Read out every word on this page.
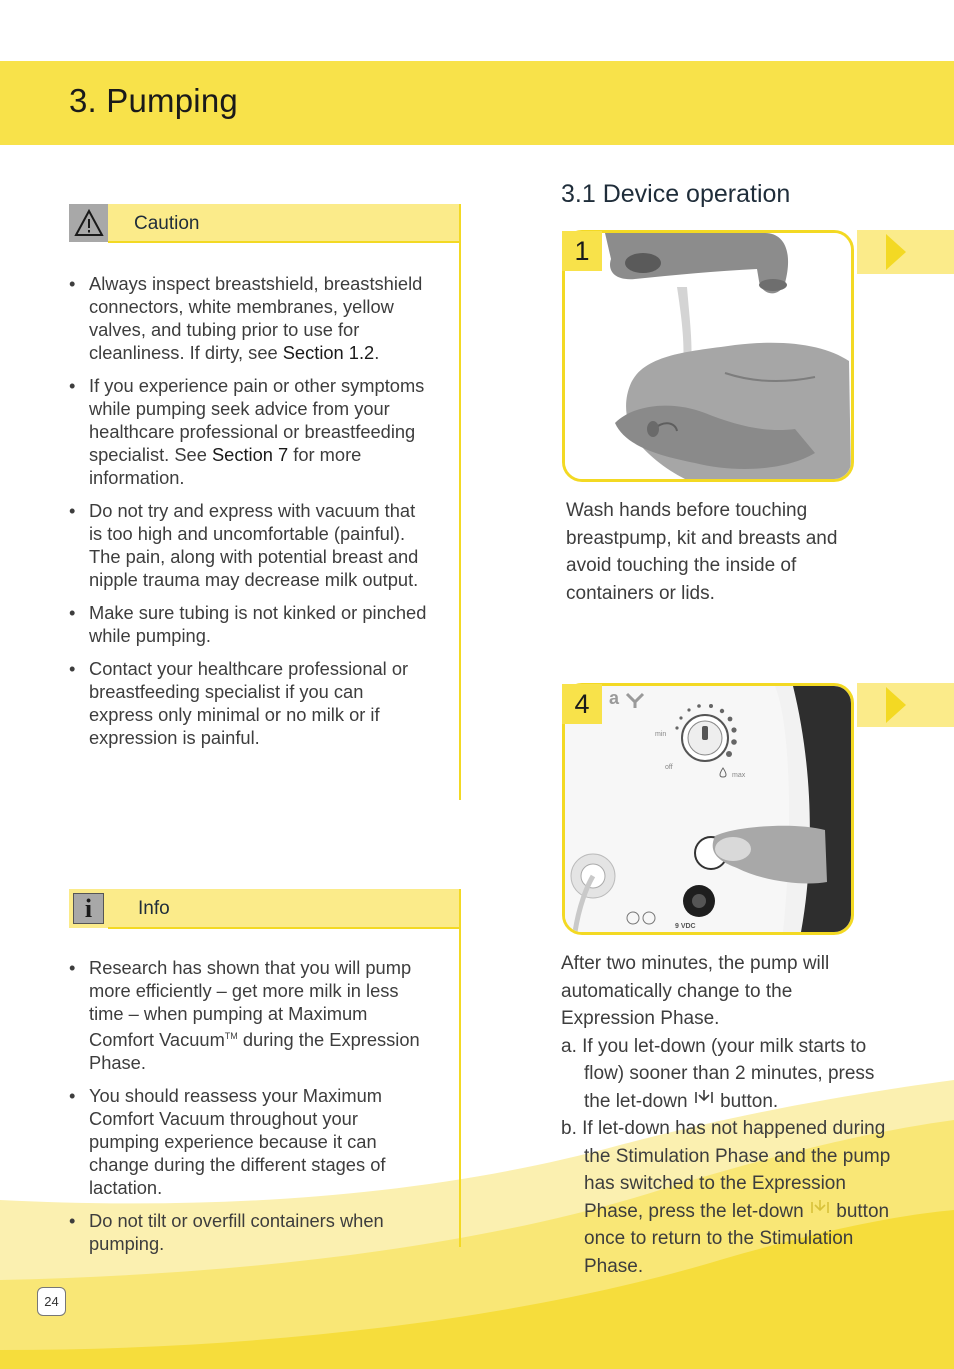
3. Pumping
Caution
• Always inspect breastshield, breastshield connectors, white membranes, yellow valves, and tubing prior to use for cleanliness. If dirty, see Section 1.2.
• If you experience pain or other symptoms while pumping seek advice from your healthcare professional or breastfeeding specialist. See Section 7 for more information.
• Do not try and express with vacuum that is too high and uncomfortable (painful). The pain, along with potential breast and nipple trauma may decrease milk output.
• Make sure tubing is not kinked or pinched while pumping.
• Contact your healthcare professional or breastfeeding specialist if you can express only minimal or no milk or if expression is painful.
i	Info
• Research has shown that you will pump more efficiently – get more milk in less time – when pumping at Maximum Comfort Vacuum™ during the Expression Phase.
• You should reassess your Maximum Comfort Vacuum throughout your pumping experience because it can change during the different stages of lactation.
• Do not tilt or overfill containers when pumping.
3.1 Device operation
1
Wash hands before touching breastpump, kit and breasts and avoid touching the inside of containers or lids.
a
min
off
max
9 VDC
4
After two minutes, the pump will automatically change to the Expression Phase.
a. If you let-down (your milk starts to flow) sooner than 2 minutes, press the let-down button.
b. If let-down has not happened during the Stimulation Phase and the pump has switched to the Expression Phase, press the let-down button once to return to the Stimulation Phase.
24
